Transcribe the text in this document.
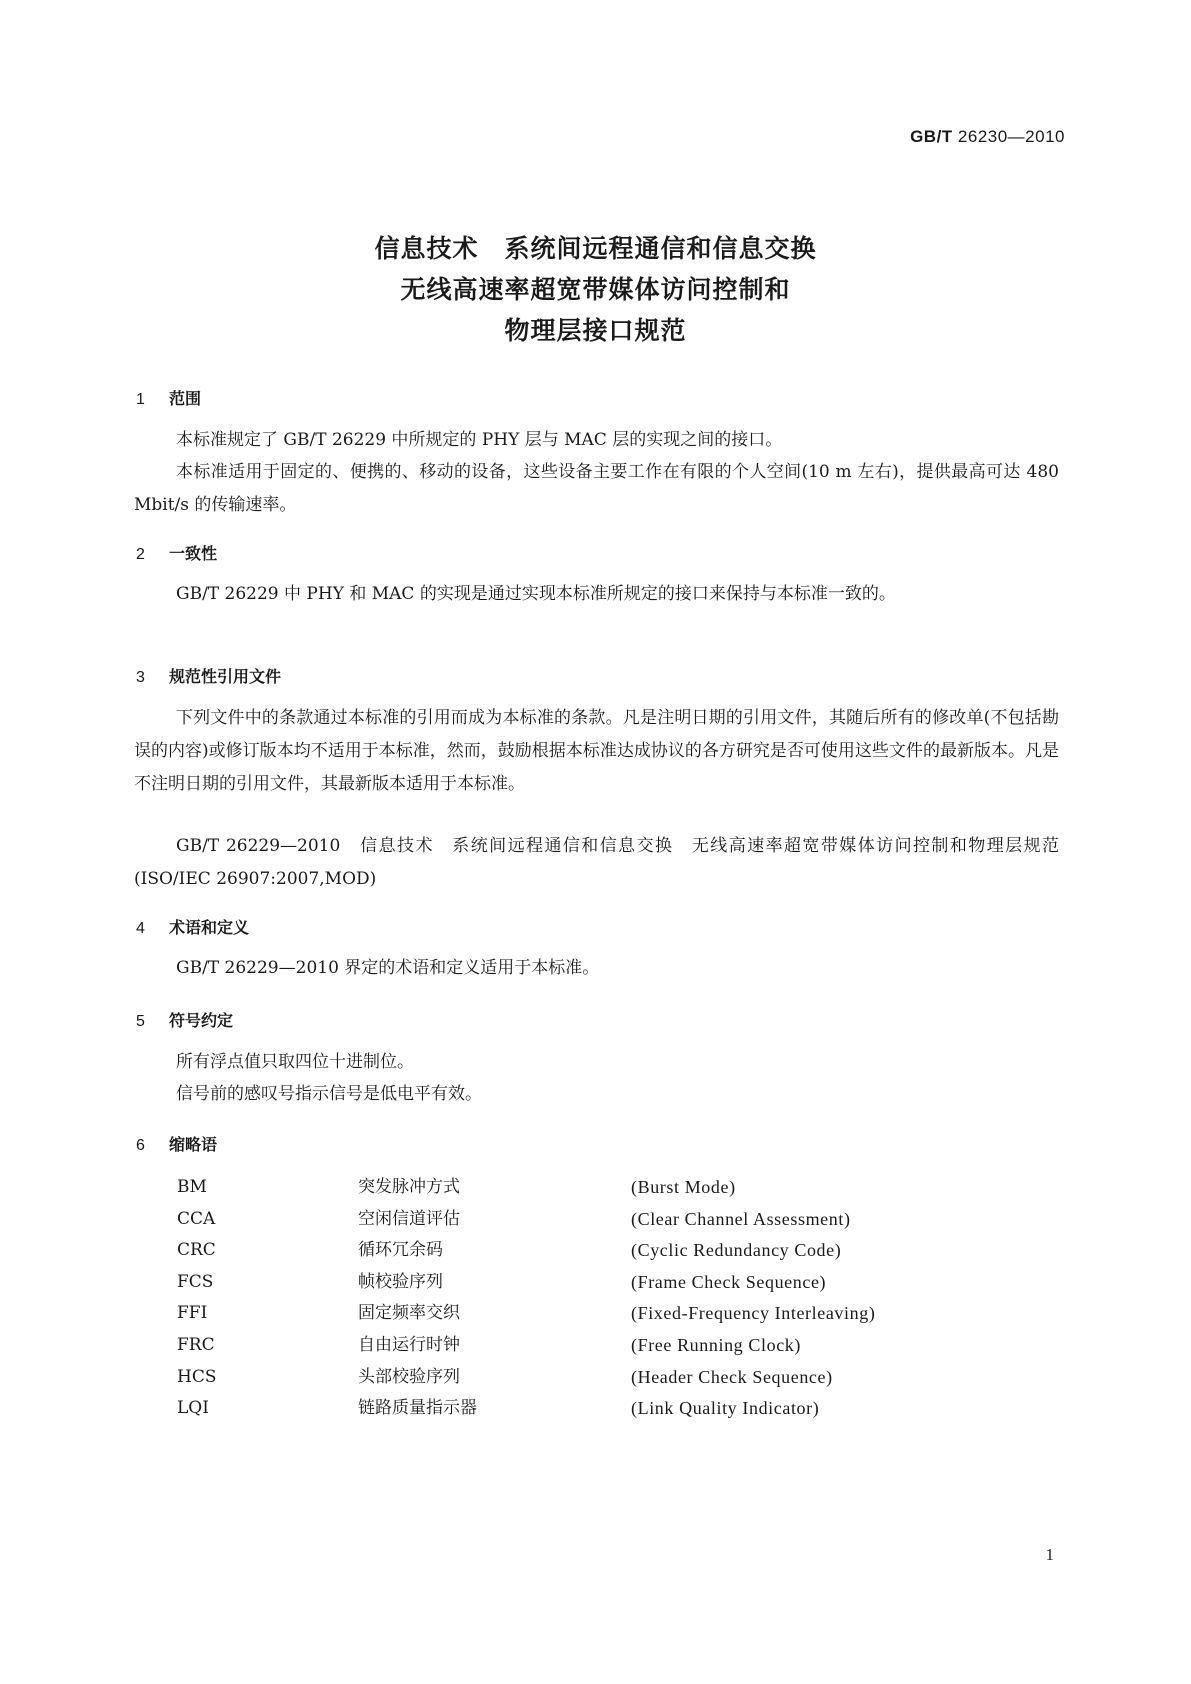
GB/T 26230—2010
信息技术　系统间远程通信和信息交换
无线高速率超宽带媒体访问控制和
物理层接口规范
1 范围
本标准规定了 GB/T 26229 中所规定的 PHY 层与 MAC 层的实现之间的接口。
本标准适用于固定的、便携的、移动的设备，这些设备主要工作在有限的个人空间(10 m 左右)，提供最高可达 480 Mbit/s 的传输速率。
2 一致性
GB/T 26229 中 PHY 和 MAC 的实现是通过实现本标准所规定的接口来保持与本标准一致的。
3 规范性引用文件
下列文件中的条款通过本标准的引用而成为本标准的条款。凡是注明日期的引用文件，其随后所有的修改单(不包括勘误的内容)或修订版本均不适用于本标准，然而，鼓励根据本标准达成协议的各方研究是否可使用这些文件的最新版本。凡是不注明日期的引用文件，其最新版本适用于本标准。
GB/T 26229—2010　信息技术　系统间远程通信和信息交换　无线高速率超宽带媒体访问控制和物理层规范(ISO/IEC 26907:2007,MOD)
4 术语和定义
GB/T 26229—2010 界定的术语和定义适用于本标准。
5 符号约定
所有浮点值只取四位十进制位。
信号前的感叹号指示信号是低电平有效。
6 缩略语
BM	突发脉冲方式	(Burst Mode)
CCA	空闲信道评估	(Clear Channel Assessment)
CRC	循环冗余码	(Cyclic Redundancy Code)
FCS	帧校验序列	(Frame Check Sequence)
FFI	固定频率交织	(Fixed-Frequency Interleaving)
FRC	自由运行时钟	(Free Running Clock)
HCS	头部校验序列	(Header Check Sequence)
LQI	链路质量指示器	(Link Quality Indicator)
1
